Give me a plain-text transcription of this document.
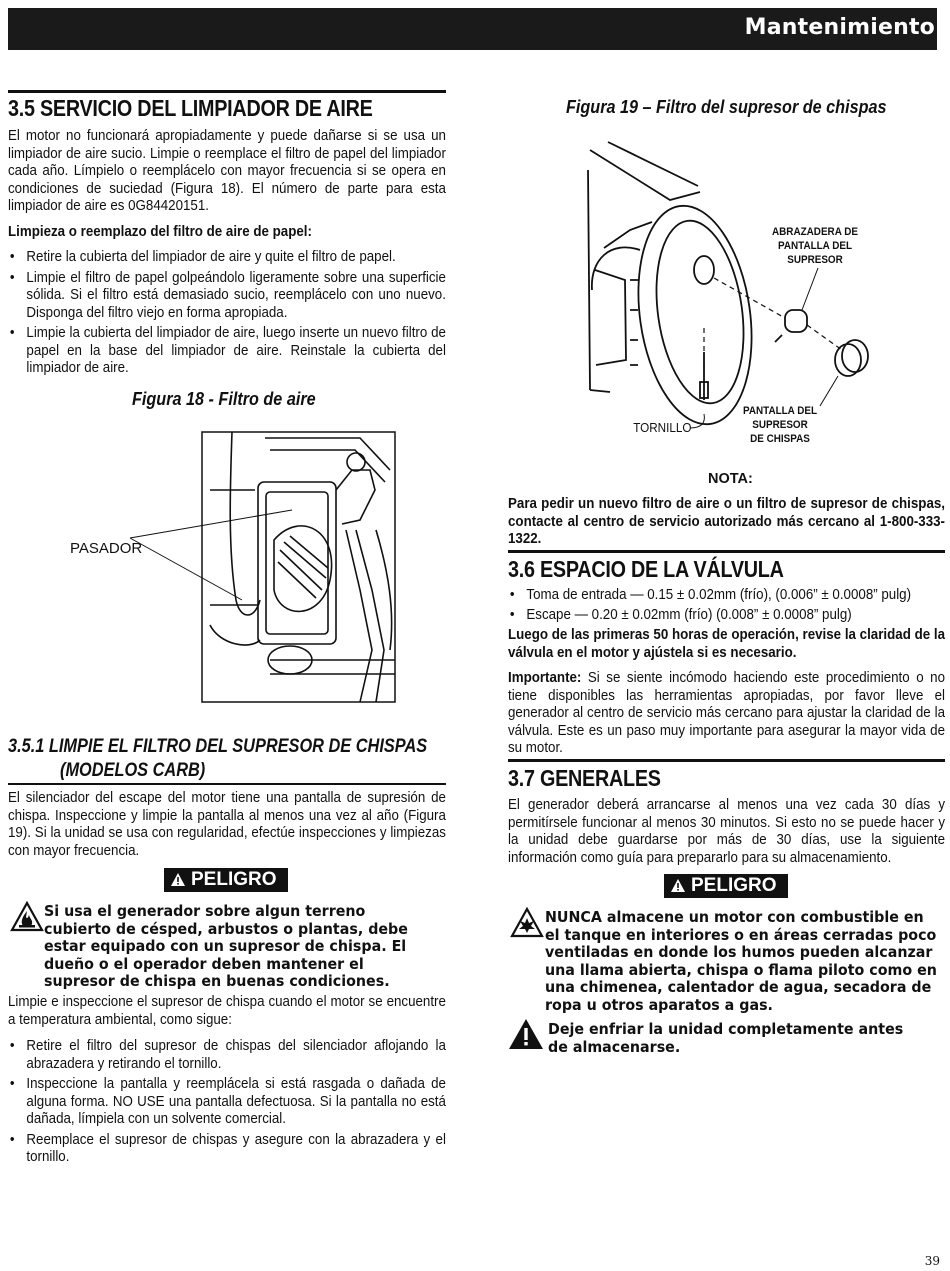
Mantenimiento
3.5 SERVICIO DEL LIMPIADOR DE AIRE
El motor no funcionará apropiadamente y puede dañarse si se usa un limpiador de aire sucio. Limpie o reemplace el filtro de papel del limpiador cada año. Límpielo o reemplácelo con mayor frecuencia si se opera en condiciones de suciedad (Figura 18). El número de parte para esta limpiador de aire es 0G84420151.
Limpieza o reemplazo del filtro de aire de papel:
• Retire la cubierta del limpiador de aire y quite el filtro de papel.
• Limpie el filtro de papel golpeándolo ligeramente sobre una superficie sólida. Si el filtro está demasiado sucio, reemplácelo con uno nuevo. Disponga del filtro viejo en forma apropiada.
• Limpie la cubierta del limpiador de aire, luego inserte un nuevo filtro de papel en la base del limpiador de aire. Reinstale la cubierta del limpiador de aire.
Figura 18 - Filtro de aire
PASADOR
3.5.1 LIMPIE EL FILTRO DEL SUPRESOR DE CHISPAS
(MODELOS CARB)
El silenciador del escape del motor tiene una pantalla de supresión de chispa. Inspeccione y limpie la pantalla al menos una vez al año (Figura 19). Si la unidad se usa con regularidad, efectúe inspecciones y limpiezas con mayor frecuencia.
PELIGRO
Si usa el generador sobre algun terreno cubierto de césped, arbustos o plantas, debe estar equipado con un supresor de chispa. El dueño o el operador deben mantener el supresor de chispa en buenas condiciones.
Limpie e inspeccione el supresor de chispa cuando el motor se encuentre a temperatura ambiental, como sigue:
• Retire el filtro del supresor de chispas del silenciador aflojando la abrazadera y retirando el tornillo.
• Inspeccione la pantalla y reemplácela si está rasgada o dañada de alguna forma. NO USE una pantalla defectuosa. Si la pantalla no está dañada, límpiela con un solvente comercial.
• Reemplace el supresor de chispas y asegure con la abrazadera y el tornillo.
Figura 19 – Filtro del supresor de chispas
ABRAZADERA DE
PANTALLA DEL
SUPRESOR
TORNILLO
PANTALLA DEL
SUPRESOR
DE CHISPAS
NOTA:
Para pedir un nuevo filtro de aire o un filtro de supresor de chispas, contacte al centro de servicio autorizado más cercano al 1-800-333-1322.
3.6 ESPACIO DE LA VÁLVULA
• Toma de entrada — 0.15 ± 0.02mm (frío), (0.006” ± 0.0008” pulg)
• Escape — 0.20 ± 0.02mm (frío) (0.008” ± 0.0008” pulg)
Luego de las primeras 50 horas de operación, revise la claridad de la válvula en el motor y ajústela si es necesario.
Importante: Si se siente incómodo haciendo este procedimiento o no tiene disponibles las herramientas apropiadas, por favor lleve el generador al centro de servicio más cercano para ajustar la claridad de la válvula. Este es un paso muy importante para asegurar la mayor vida de su motor.
3.7 GENERALES
El generador deberá arrancarse al menos una vez cada 30 días y permitírsele funcionar al menos 30 minutos. Si esto no se puede hacer y la unidad debe guardarse por más de 30 días, use la siguiente información como guía para prepararlo para su almacenamiento.
PELIGRO
NUNCA almacene un motor con combustible en el tanque en interiores o en áreas cerradas poco ventiladas en donde los humos pueden alcanzar una llama abierta, chispa o flama piloto como en una chimenea, calentador de agua, secadora de ropa u otros aparatos a gas.
Deje enfriar la unidad completamente antes de almacenarse.
39
